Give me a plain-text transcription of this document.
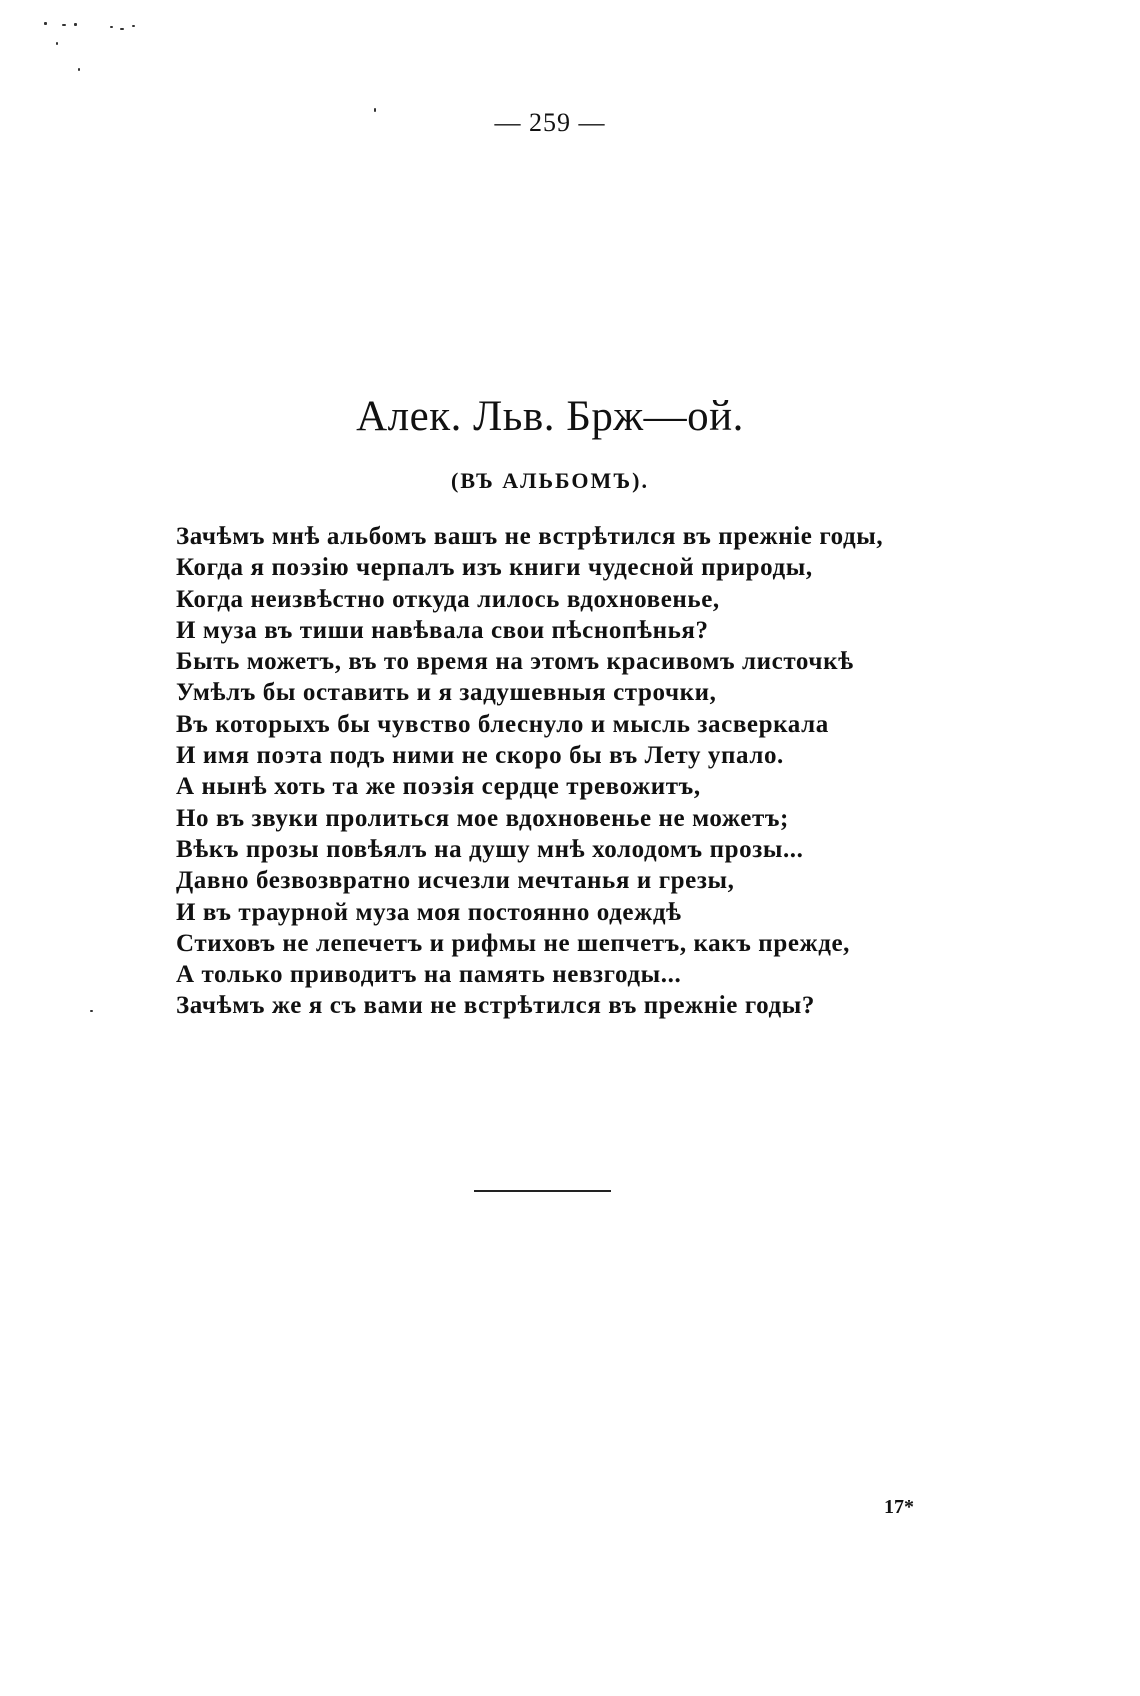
— 259 —
Алек. Льв. Брж—ой.
(ВЪ АЛЬБОМЪ).
Зачѣмъ мнѣ альбомъ вашъ не встрѣтился въ прежніе годы,
Когда я поэзію черпалъ изъ книги чудесной природы,
Когда неизвѣстно откуда лилось вдохновенье,
И муза въ тиши навѣвала свои пѣснопѣнья?
Быть можетъ, въ то время на этомъ красивомъ листочкѣ
Умѣлъ бы оставить и я задушевныя строчки,
Въ которыхъ бы чувство блеснуло и мысль засверкала
И имя поэта подъ ними не скоро бы въ Лету упало.
А нынѣ хоть та же поэзія сердце тревожитъ,
Но въ звуки пролиться мое вдохновенье не можетъ;
Вѣкъ прозы повѣялъ на душу мнѣ холодомъ прозы...
Давно безвозвратно исчезли мечтанья и грезы,
И въ траурной муза моя постоянно одеждѣ
Стиховъ не лепечетъ и рифмы не шепчетъ, какъ прежде,
А только приводитъ на память невзгоды...
Зачѣмъ же я съ вами не встрѣтился въ прежніе годы?
17*
